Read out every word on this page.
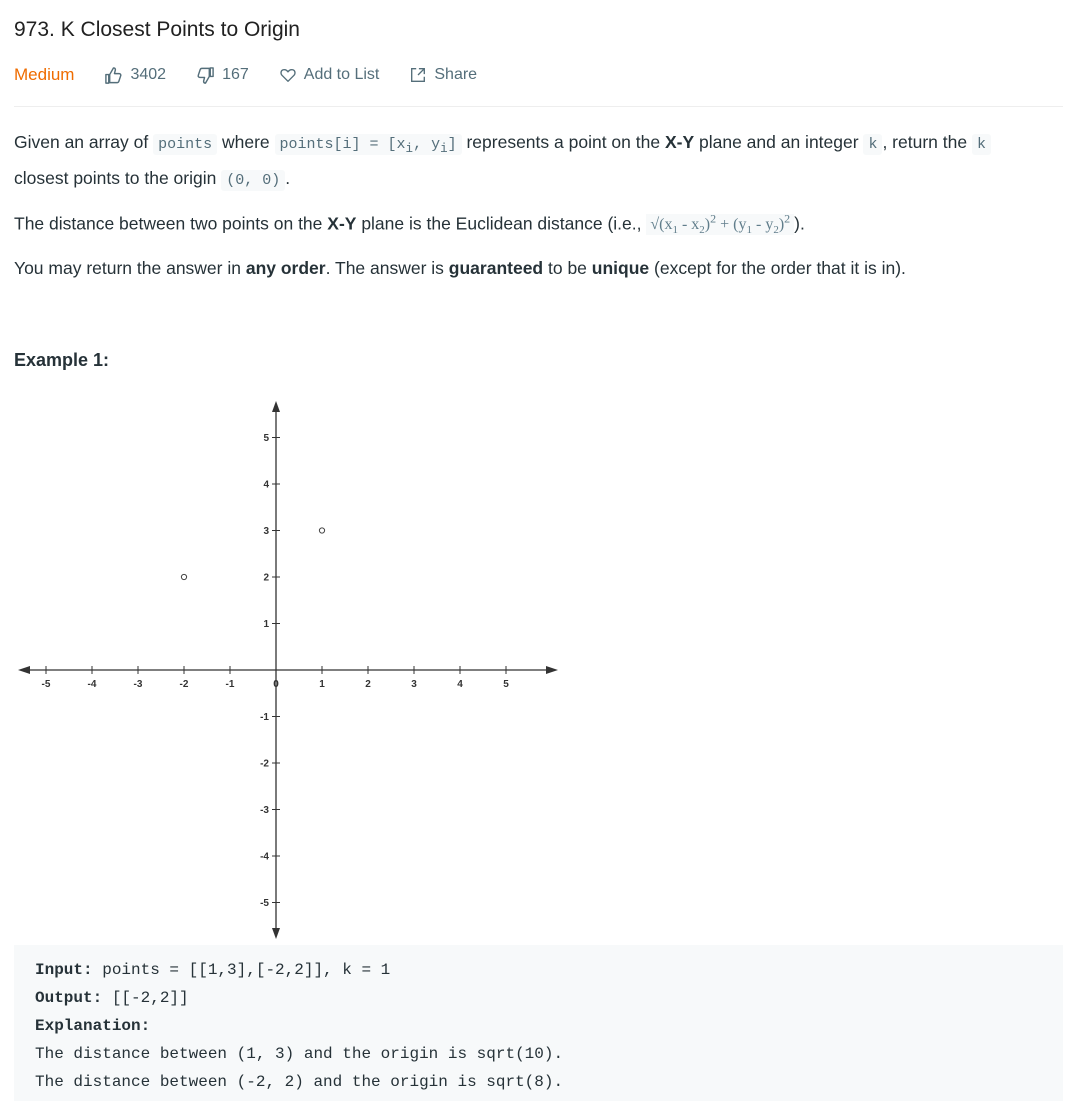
973. K Closest Points to Origin
Medium	3402	167	Add to List	Share

Given an array of points where points[i] = [$x_i$, $y_i$] represents a point on the X-Y plane and an integer k , return the k
closest points to the origin (0, 0) .

The distance between two points on the X-Y plane is the Euclidean distance (i.e., $√(x_1 - x_2)^2 + (y_1 - y_2)^2$ ).

You may return the answer in any order. The answer is guaranteed to be unique (except for the order that it is in).

Example 1:
-5	-4	-3	-2	-1	0	1	2	3	4	5
5
4
3
2
1
-1
-2
-3
-4
-5
Input: points = [[1,3],[-2,2]], k = 1
Output: [[-2,2]]
Explanation:
The distance between (1, 3) and the origin is sqrt(10).
The distance between (-2, 2) and the origin is sqrt(8).
